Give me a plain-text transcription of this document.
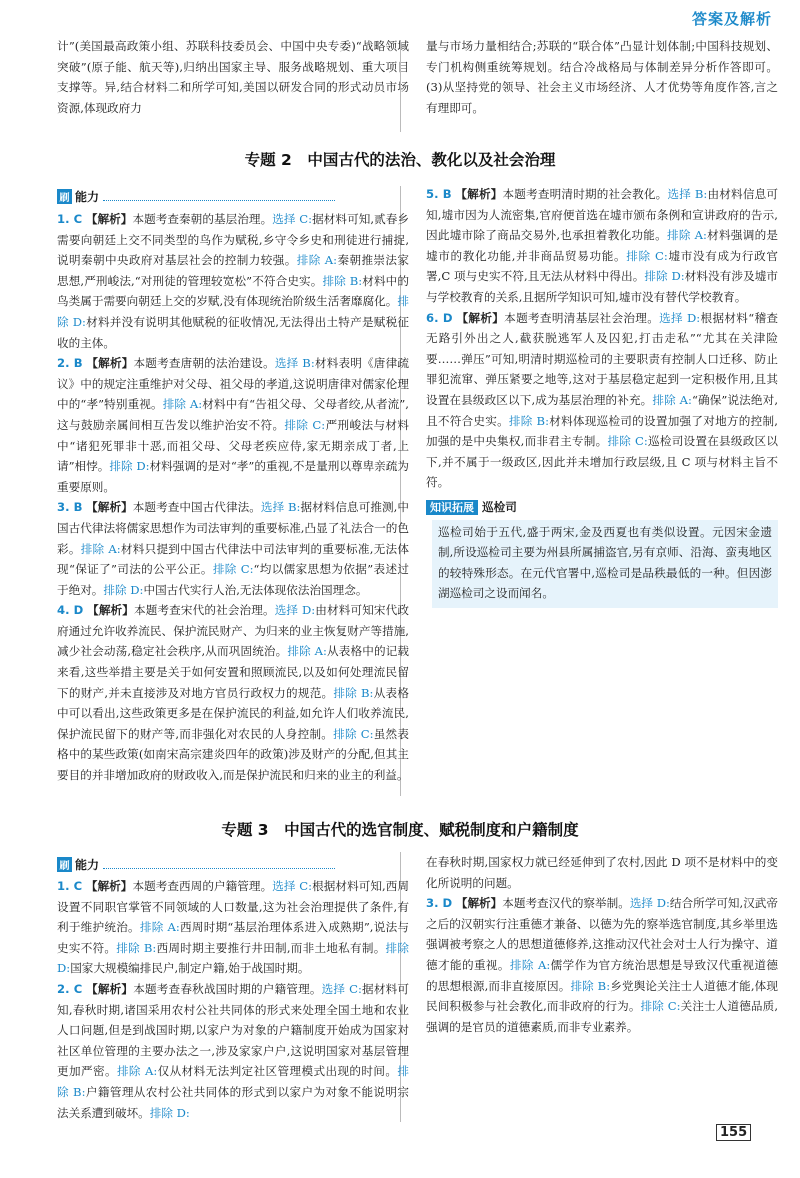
答案及解析

计”(美国最高政策小组、苏联科技委员会、中国中央专委)“战略领域突破”(原子能、航天等),归纳出国家主导、服务战略规划、重大项目支撑等。异,结合材料二和所学可知,美国以研发合同的形式动员市场资源,体现政府力

量与市场力量相结合;苏联的“联合体”凸显计划体制;中国科技规划、专门机构侧重统筹规划。结合冷战格局与体制差异分析作答即可。(3)从坚持党的领导、社会主义市场经济、人才优势等角度作答,言之有理即可。

专题 2　中国古代的法治、教化以及社会治理
刷 能力

1. C 【解析】本题考查秦朝的基层治理。选择 C:据材料可知,贰春乡需要向朝廷上交不同类型的鸟作为赋税,乡守令乡史和刑徒进行捕捉,说明秦朝中央政府对基层社会的控制力较强。排除 A:秦朝推崇法家思想,严刑峻法,“对刑徒的管理较宽松”不符合史实。排除 B:材料中的鸟类属于需要向朝廷上交的岁赋,没有体现统治阶级生活奢靡腐化。排除 D:材料并没有说明其他赋税的征收情况,无法得出土特产是赋税征收的主体。

2. B 【解析】本题考查唐朝的法治建设。选择 B:材料表明《唐律疏议》中的规定注重维护对父母、祖父母的孝道,这说明唐律对儒家伦理中的“孝”特别重视。排除 A:材料中有“告祖父母、父母者绞,从者流”,这与鼓励亲属间相互告发以维护治安不符。排除 C:严刑峻法与材料中“诸犯死罪非十恶,而祖父母、父母老疾应侍,家无期亲成丁者,上请”相悖。排除 D:材料强调的是对“孝”的重视,不是量刑以尊卑亲疏为重要原则。

3. B 【解析】本题考查中国古代律法。选择 B:据材料信息可推测,中国古代律法将儒家思想作为司法审判的重要标准,凸显了礼法合一的色彩。排除 A:材料只提到中国古代律法中司法审判的重要标准,无法体现“保证了”司法的公平公正。排除 C:“均以儒家思想为依据”表述过于绝对。排除 D:中国古代实行人治,无法体现依法治国理念。

4. D 【解析】本题考查宋代的社会治理。选择 D:由材料可知宋代政府通过允许收养流民、保护流民财产、为归来的业主恢复财产等措施,减少社会动荡,稳定社会秩序,从而巩固统治。排除 A:从表格中的记载来看,这些举措主要是关于如何安置和照顾流民,以及如何处理流民留下的财产,并未直接涉及对地方官员行政权力的规范。排除 B:从表格中可以看出,这些政策更多是在保护流民的利益,如允许人们收养流民,保护流民留下的财产等,而非强化对农民的人身控制。排除 C:虽然表格中的某些政策(如南宋高宗建炎四年的政策)涉及财产的分配,但其主要目的并非增加政府的财政收入,而是保护流民和归来的业主的利益。

5. B 【解析】本题考查明清时期的社会教化。选择 B:由材料信息可知,墟市因为人流密集,官府便首选在墟市颁布条例和宣讲政府的告示,因此墟市除了商品交易外,也承担着教化功能。排除 A:材料强调的是墟市的教化功能,并非商品贸易功能。排除 C:墟市没有成为行政官署,C 项与史实不符,且无法从材料中得出。排除 D:材料没有涉及墟市与学校教育的关系,且据所学知识可知,墟市没有替代学校教育。

6. D 【解析】本题考查明清基层社会治理。选择 D:根据材料“稽查无路引外出之人,截获脱逃军人及囚犯,打击走私”“尤其在关津险要……弹压”可知,明清时期巡检司的主要职责有控制人口迁移、防止罪犯流窜、弹压紧要之地等,这对于基层稳定起到一定积极作用,且其设置在县级政区以下,成为基层治理的补充。排除 A:“确保”说法绝对,且不符合史实。排除 B:材料体现巡检司的设置加强了对地方的控制,加强的是中央集权,而非君主专制。排除 C:巡检司设置在县级政区以下,并不属于一级政区,因此并未增加行政层级,且 C 项与材料主旨不符。

知识拓展 巡检司
巡检司始于五代,盛于两宋,金及西夏也有类似设置。元因宋金遗制,所设巡检司主要为州县所属捕盗官,另有京师、沿海、蛮夷地区的较特殊形态。在元代官署中,巡检司是品秩最低的一种。但因澎湖巡检司之设而闻名。
专题 3　中国古代的选官制度、赋税制度和户籍制度
刷 能力

1. C 【解析】本题考查西周的户籍管理。选择 C:根据材料可知,西周设置不同职官掌管不同领域的人口数量,这为社会治理提供了条件,有利于维护统治。排除 A:西周时期“基层治理体系进入成熟期”,说法与史实不符。排除 B:西周时期主要推行井田制,而非土地私有制。排除 D:国家大规模编排民户,制定户籍,始于战国时期。

2. C 【解析】本题考查春秋战国时期的户籍管理。选择 C:据材料可知,春秋时期,诸国采用农村公社共同体的形式来处理全国土地和农业人口问题,但是到战国时期,以家户为对象的户籍制度开始成为国家对社区单位管理的主要办法之一,涉及家家户户,这说明国家对基层管理更加严密。排除 A:仅从材料无法判定社区管理模式出现的时间。排除 B:户籍管理从农村公社共同体的形式到以家户为对象不能说明宗法关系遭到破坏。排除 D:

在春秋时期,国家权力就已经延伸到了农村,因此 D 项不是材料中的变化所说明的问题。

3. D 【解析】本题考查汉代的察举制。选择 D:结合所学可知,汉武帝之后的汉朝实行注重德才兼备、以德为先的察举选官制度,其乡举里选强调被考察之人的思想道德修养,这推动汉代社会对士人行为操守、道德才能的重视。排除 A:儒学作为官方统治思想是导致汉代重视道德的思想根源,而非直接原因。排除 B:乡党舆论关注士人道德才能,体现民间积极参与社会教化,而非政府的行为。排除 C:关注士人道德品质,强调的是官员的道德素质,而非专业素养。

155
